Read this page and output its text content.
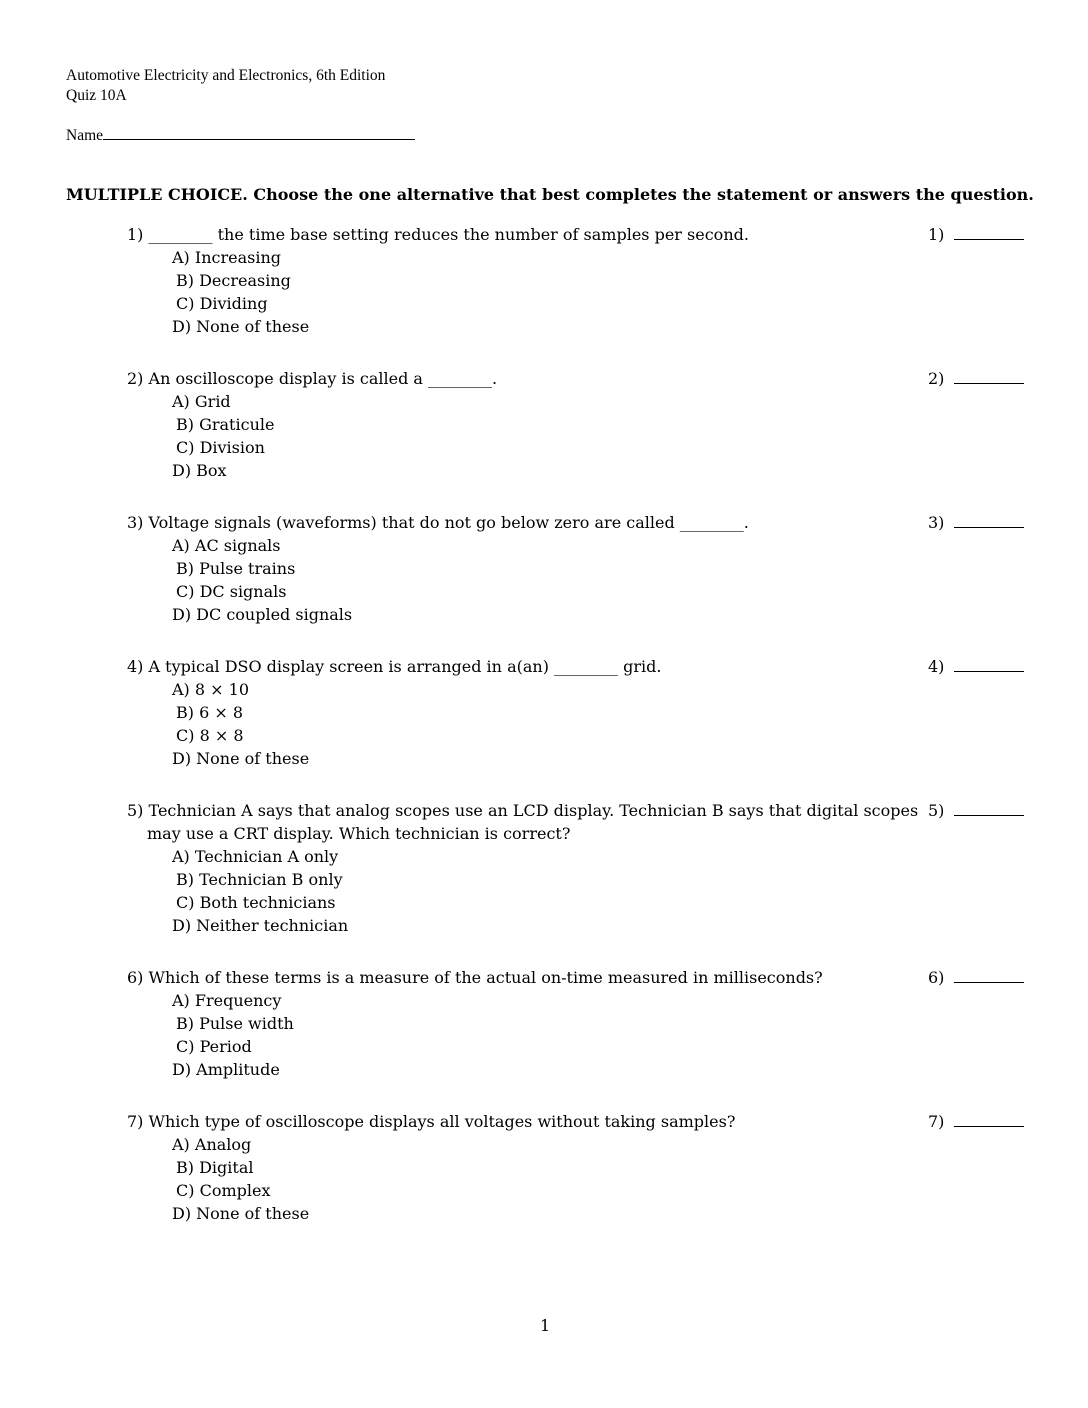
Automotive Electricity and Electronics, 6th Edition
Quiz 10A
Name
MULTIPLE CHOICE. Choose the one alternative that best completes the statement or answers the question.
1) ________ the time base setting reduces the number of samples per second.
A) Increasing
B) Decreasing
C) Dividing
D) None of these
1)
2) An oscilloscope display is called a ________.
A) Grid
B) Graticule
C) Division
D) Box
2)
3) Voltage signals (waveforms) that do not go below zero are called ________.
A) AC signals
B) Pulse trains
C) DC signals
D) DC coupled signals
3)
4) A typical DSO display screen is arranged in a(an) ________ grid.
A) 8 × 10
B) 6 × 8
C) 8 × 8
D) None of these
4)
5) Technician A says that analog scopes use an LCD display. Technician B says that digital scopes
may use a CRT display. Which technician is correct?
A) Technician A only
B) Technician B only
C) Both technicians
D) Neither technician
5)
6) Which of these terms is a measure of the actual on-time measured in milliseconds?
A) Frequency
B) Pulse width
C) Period
D) Amplitude
6)
7) Which type of oscilloscope displays all voltages without taking samples?
A) Analog
B) Digital
C) Complex
D) None of these
7)
1
